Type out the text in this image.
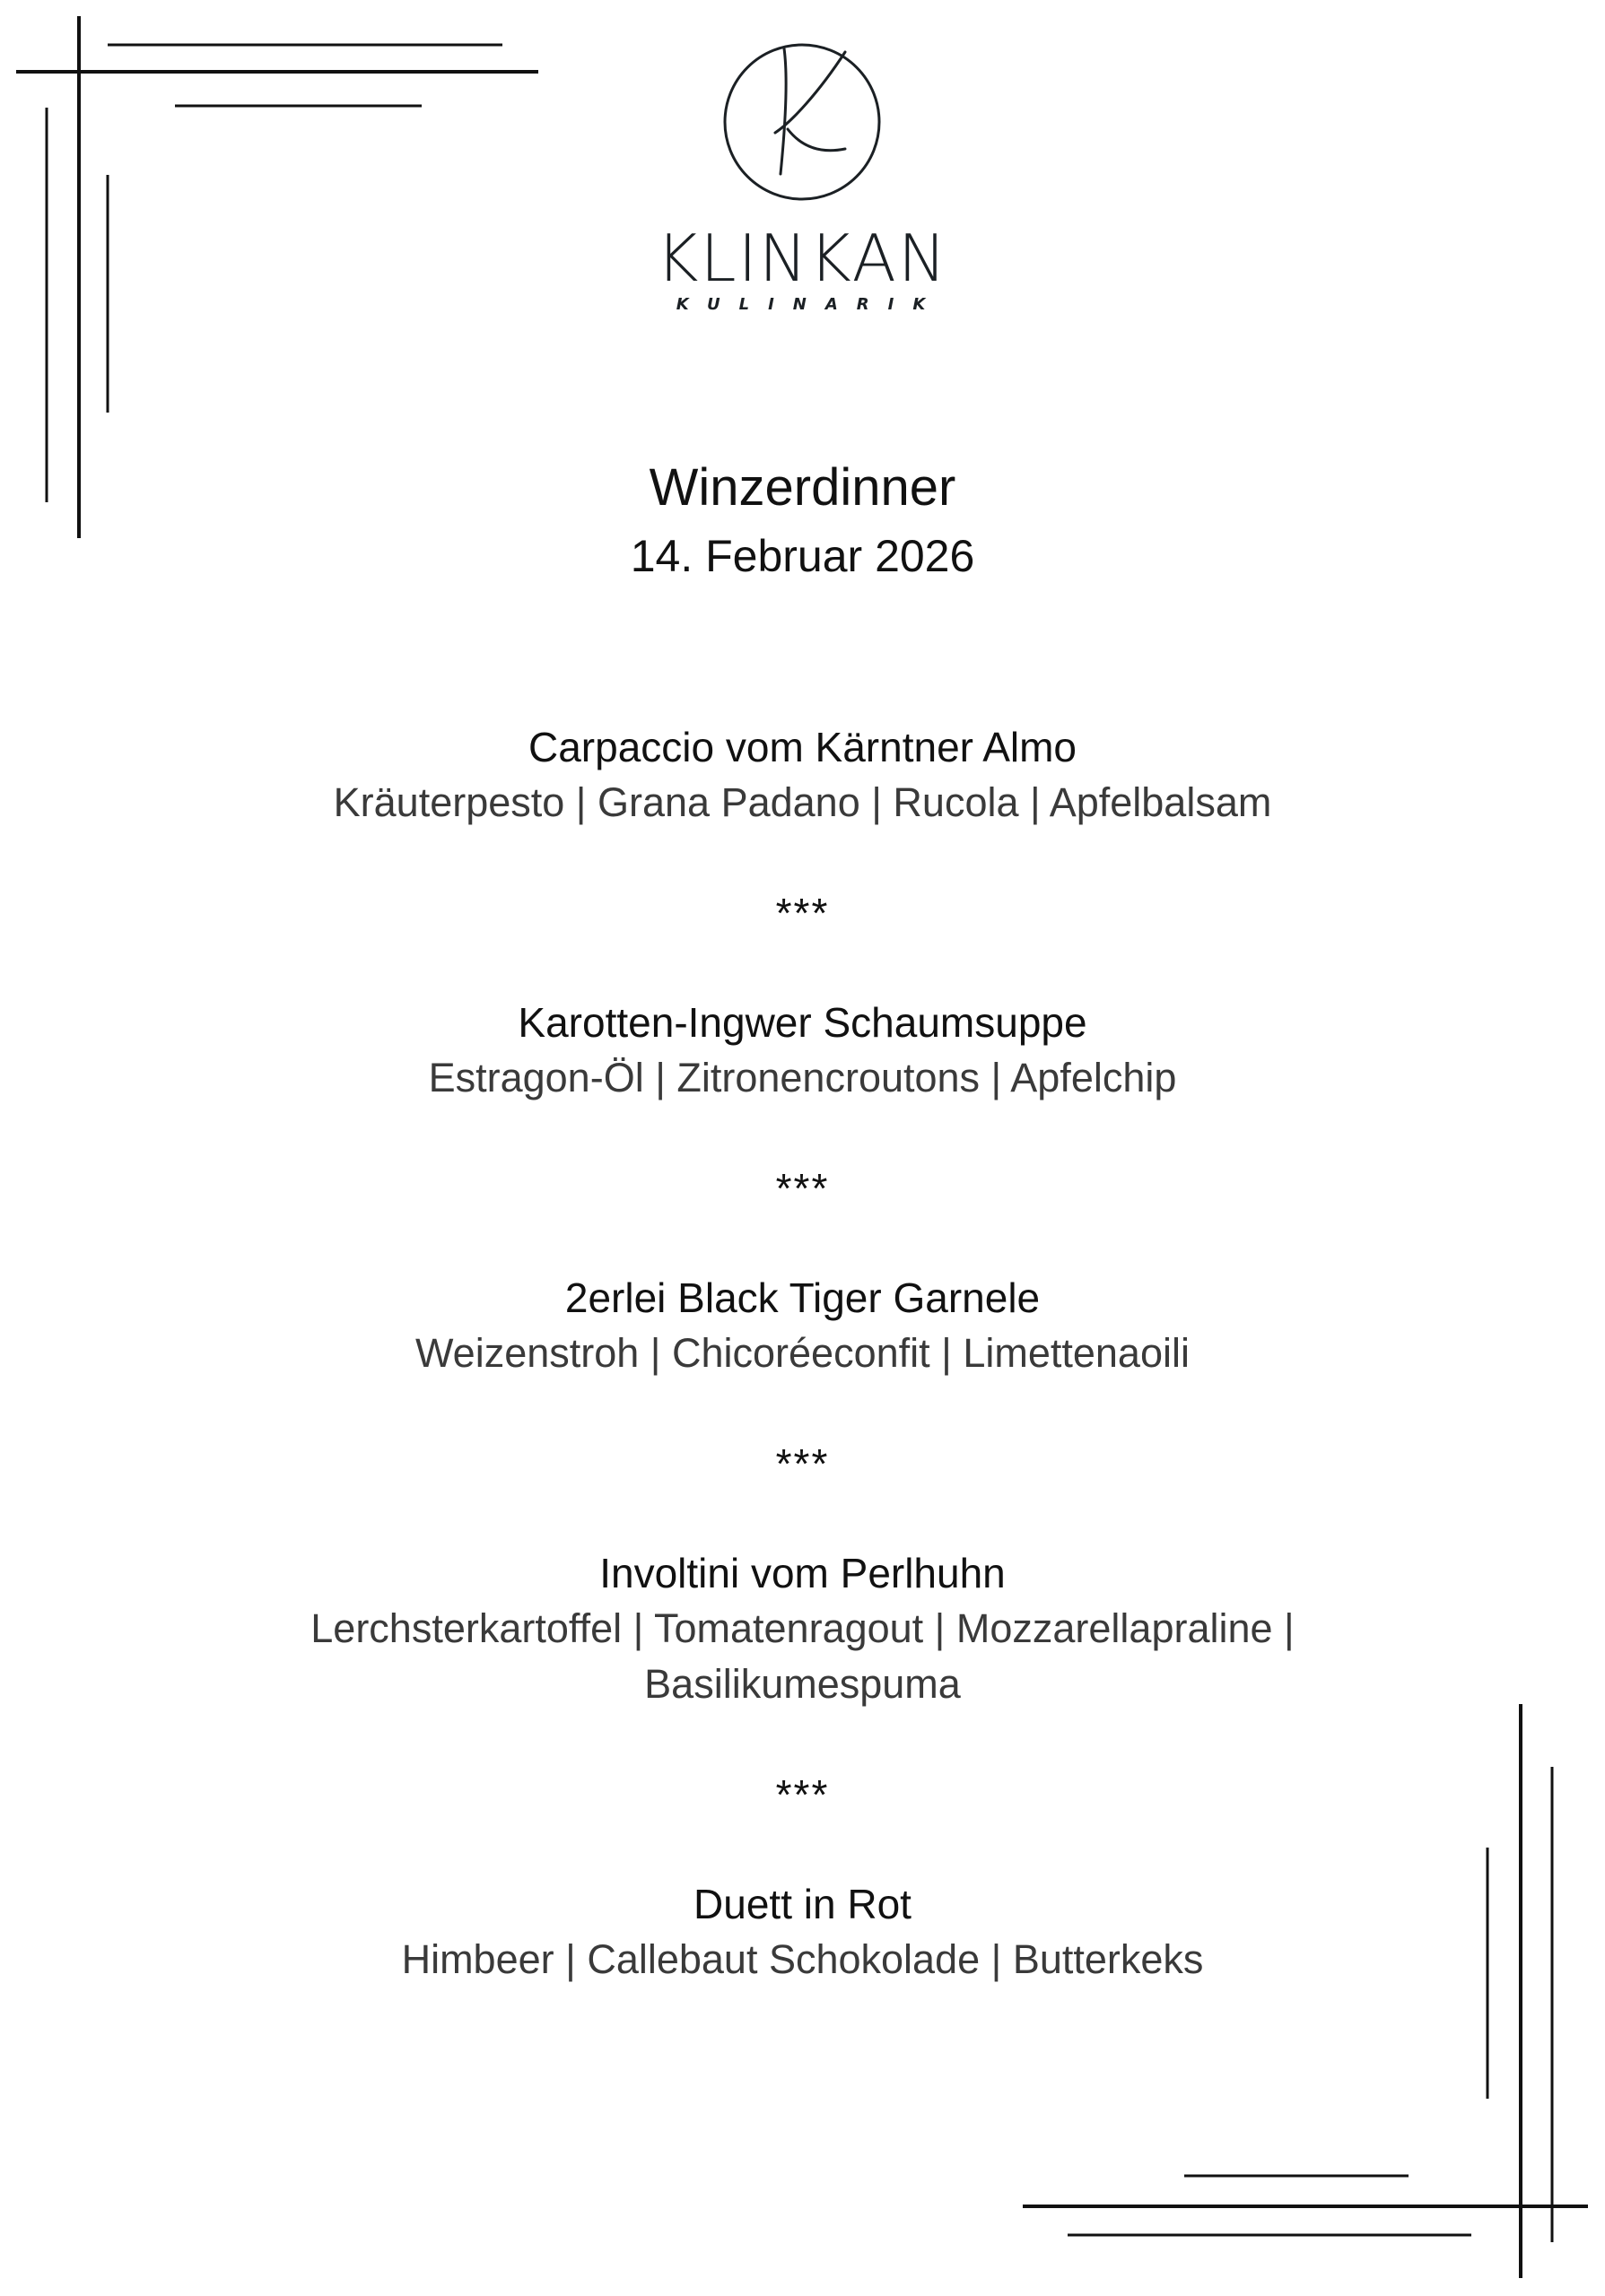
KLINKAN
KULINARIK
Winzerdinner
14. Februar 2026
Carpaccio vom Kärntner Almo

Kräuterpesto | Grana Padano | Rucola | Apfelbalsam

***
Karotten-Ingwer Schaumsuppe

Estragon-Öl | Zitronencroutons | Apfelchip

***
2erlei Black Tiger Garnele

Weizenstroh | Chicoréeconfit | Limettenaoili

***
Involtini vom Perlhuhn

Lerchsterkartoffel | Tomatenragout | Mozzarellapraline |

Basilikumespuma

***
Duett in Rot

Himbeer | Callebaut Schokolade | Butterkeks
